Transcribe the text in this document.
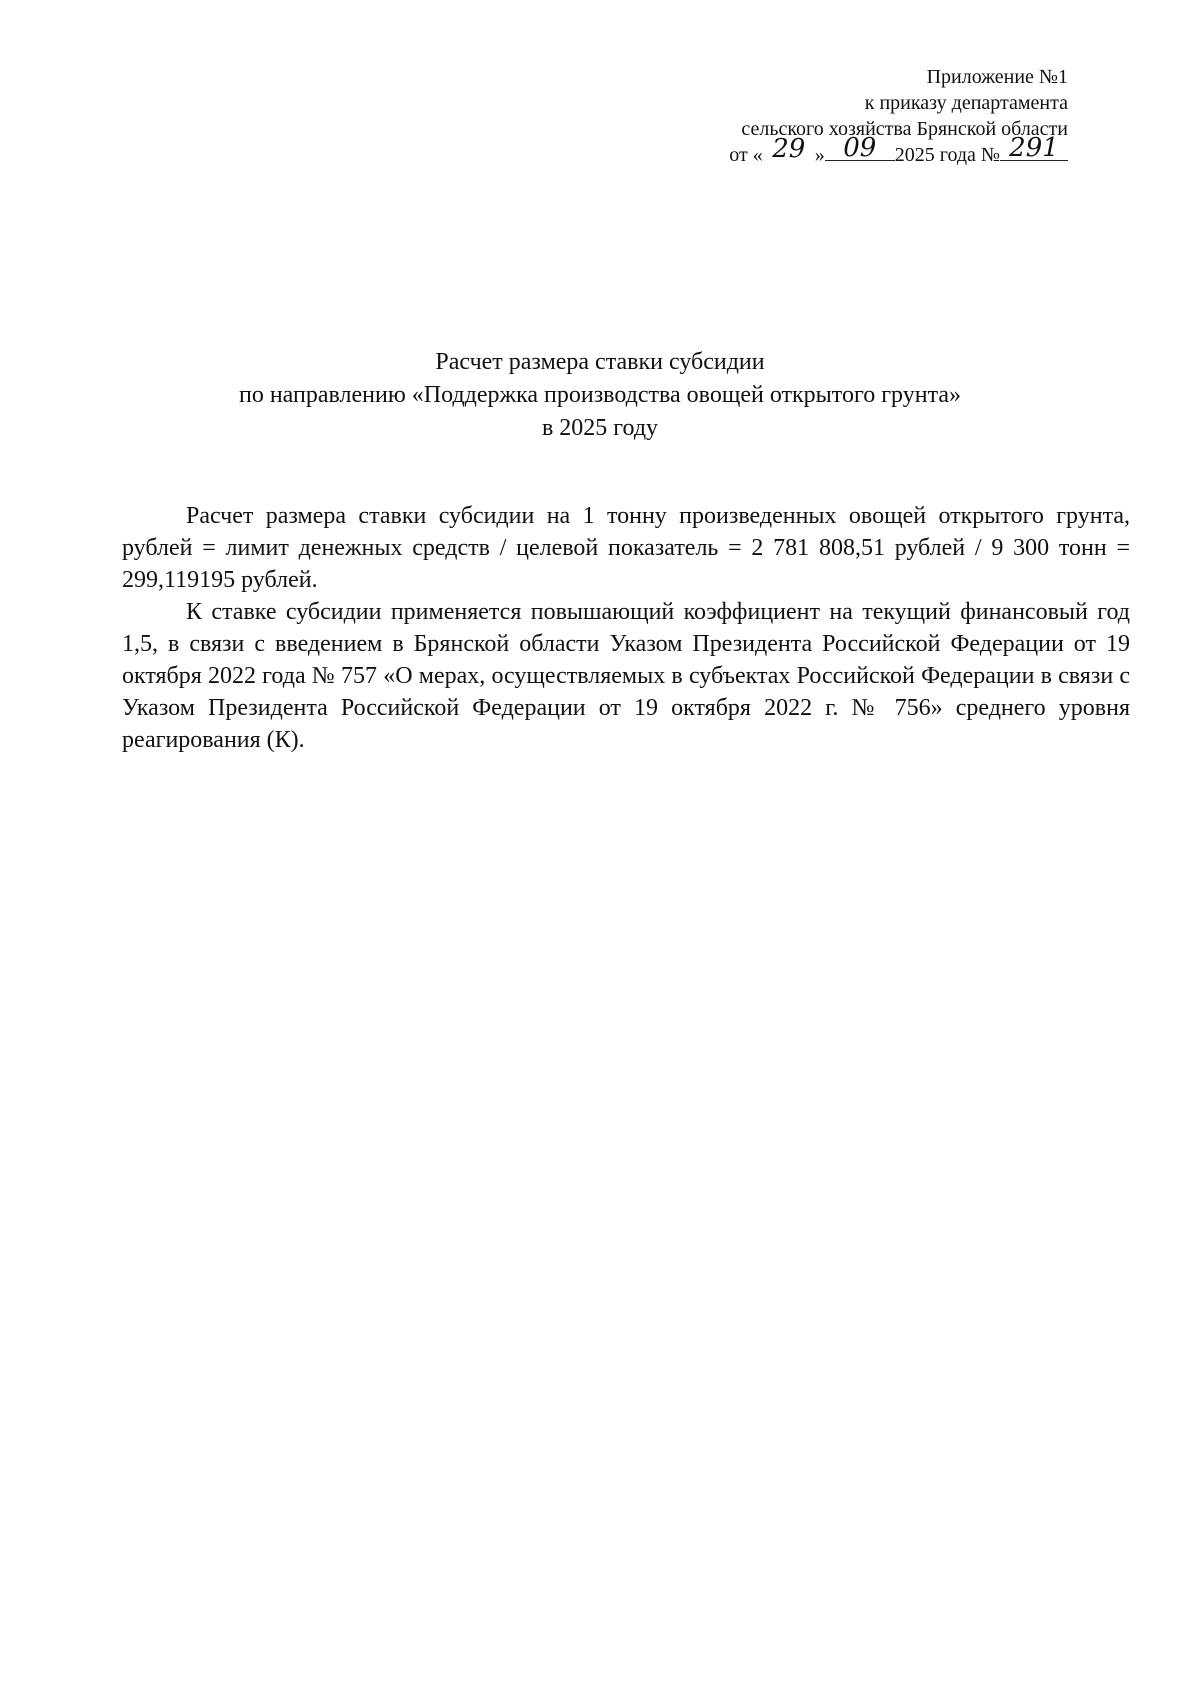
Приложение №1
к приказу департамента
сельского хозяйства Брянской области
от « 29 » 09 2025 года № 291
Расчет размера ставки субсидии
по направлению «Поддержка производства овощей открытого грунта»
в 2025 году

Расчет размера ставки субсидии на 1 тонну произведенных овощей открытого грунта, рублей = лимит денежных средств / целевой показатель = 2 781 808,51 рублей / 9 300 тонн = 299,119195 рублей.

К ставке субсидии применяется повышающий коэффициент на текущий финансовый год 1,5, в связи с введением в Брянской области Указом Президента Российской Федерации от 19 октября 2022 года № 757 «О мерах, осуществляемых в субъектах Российской Федерации в связи с Указом Президента Российской Федерации от 19 октября 2022 г. № 756» среднего уровня реагирования (К).
